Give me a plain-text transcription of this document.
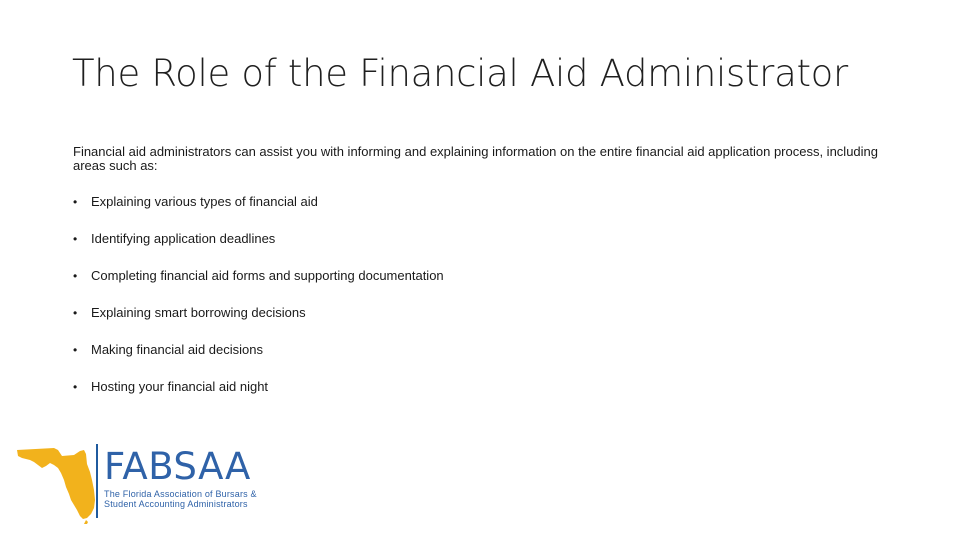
The Role of the Financial Aid Administrator
Financial aid administrators can assist you with informing and explaining information on the entire financial aid application process, including areas such as:
•	Explaining various types of financial aid
•	Identifying application deadlines
•	Completing financial aid forms and supporting documentation
•	Explaining smart borrowing decisions
•	Making financial aid decisions
•	Hosting your financial aid night
FABSAA
The Florida Association of Bursars &
Student Accounting Administrators
